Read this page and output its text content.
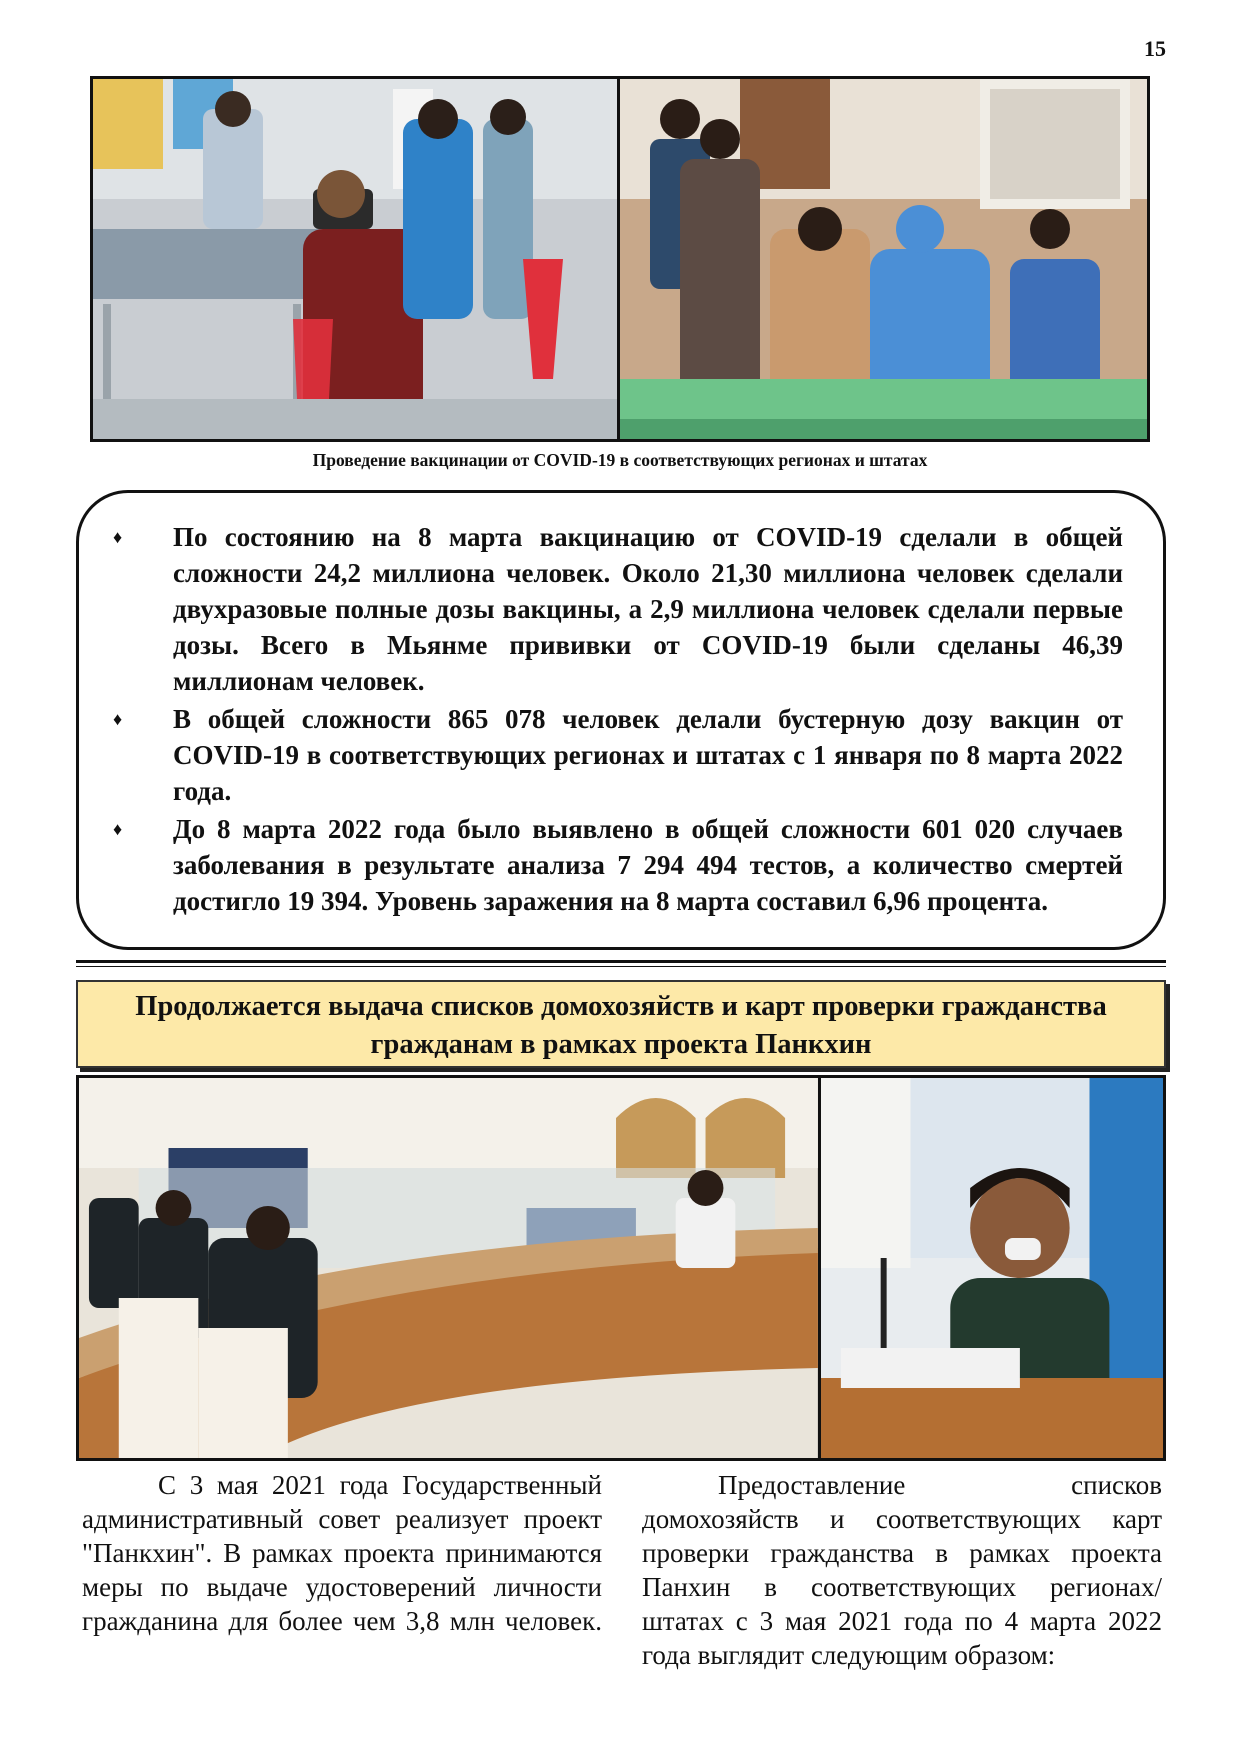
15
Проведение вакцинации от COVID-19 в соответствующих регионах и штатах
♦ По состоянию на 8 марта вакцинацию от COVID-19 сделали в общей сложности 24,2 миллиона человек. Около 21,30 миллиона человек сделали двухразовые полные дозы вакцины, а 2,9 миллиона человек сделали первые дозы. Всего в Мьянме прививки от COVID-19 были сделаны 46,39 миллионам человек.
♦ В общей сложности 865 078 человек делали бустерную дозу вакцин от COVID-19 в соответствующих регионах и штатах с 1 января по 8 марта 2022 года.
♦ До 8 марта 2022 года было выявлено в общей сложности 601 020 случаев заболевания в результате анализа 7 294 494 тестов, а количество смертей достигло 19 394. Уровень заражения на 8 марта составил 6,96 процента.
Продолжается выдача списков домохозяйств и карт проверки гражданства
гражданам в рамках проекта Панкхин

С 3 мая 2021 года Государственный административный совет реализует проект "Панкхин". В рамках проекта принимаются меры по выдаче удостоверений личности гражданина для более чем 3,8 млн человек.

Предоставление списков домохозяйств и соответствующих карт проверки гражданства в рамках проекта Панхин в соответствующих регионах/ штатах с 3 мая 2021 года по 4 марта 2022 года выглядит следующим образом:
